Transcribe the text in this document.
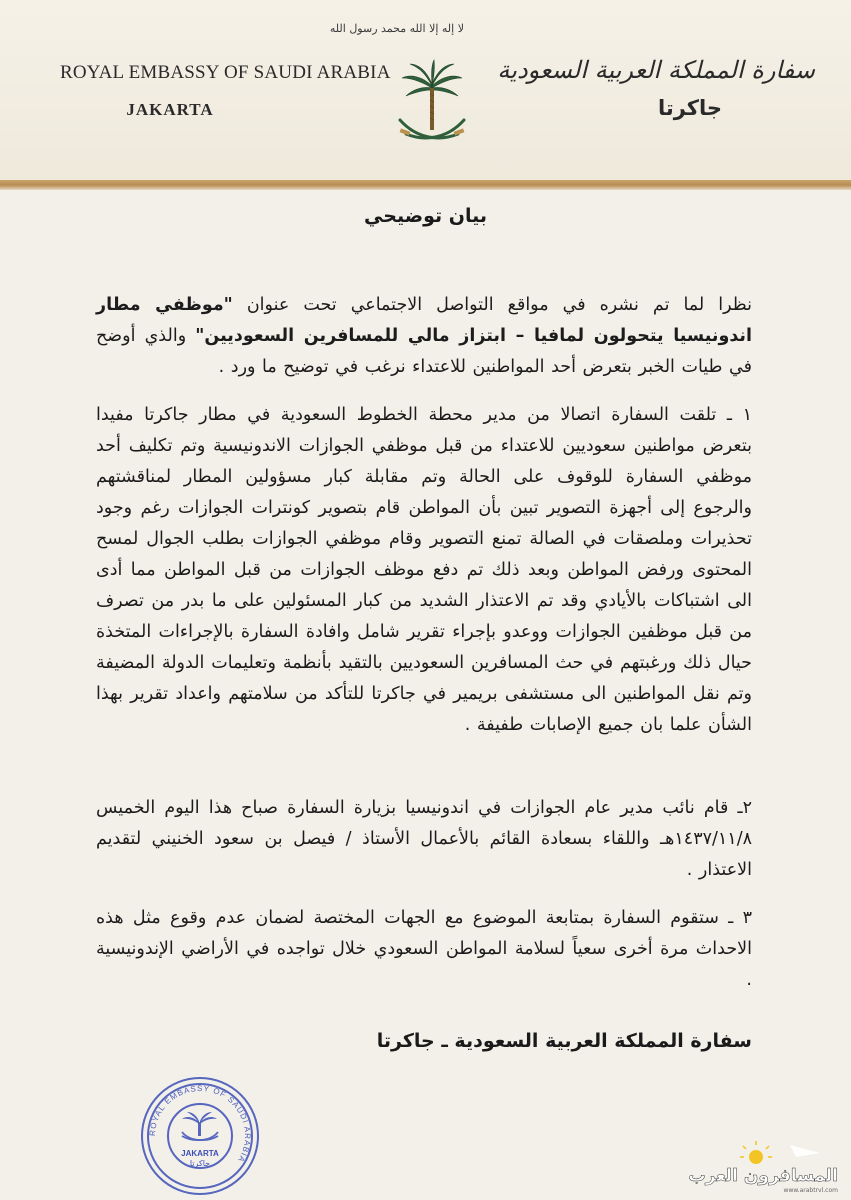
لا إله إلا الله محمد رسول الله
ROYAL EMBASSY OF SAUDI ARABIA
JAKARTA
سفارة المملكة العربية السعودية
جاكرتا
بيان توضيحي
نظرا لما تم نشره في مواقع التواصل الاجتماعي تحت عنوان "موظفي مطار اندونيسيا يتحولون لمافيا – ابتزاز مالي للمسافرين السعوديين" والذي أوضح في طيات الخبر بتعرض أحد المواطنين للاعتداء نرغب في توضيح ما ورد .
١ ـ تلقت السفارة اتصالا من مدير محطة الخطوط السعودية في مطار جاكرتا مفيدا بتعرض مواطنين سعوديين للاعتداء من قبل موظفي الجوازات الاندونيسية وتم تكليف أحد موظفي السفارة للوقوف على الحالة وتم مقابلة كبار مسؤولين المطار لمناقشتهم والرجوع إلى أجهزة التصوير تبين بأن المواطن قام بتصوير كونترات الجوازات رغم وجود تحذيرات وملصقات في الصالة تمنع التصوير وقام موظفي الجوازات بطلب الجوال لمسح المحتوى ورفض المواطن وبعد ذلك تم دفع موظف الجوازات من قبل المواطن مما أدى الى اشتباكات بالأيادي وقد تم الاعتذار الشديد من كبار المسئولين على ما بدر من تصرف من قبل موظفين الجوازات ووعدو بإجراء تقرير شامل وافادة السفارة بالإجراءات المتخذة حيال ذلك ورغبتهم في حث المسافرين السعوديين بالتقيد بأنظمة وتعليمات الدولة المضيفة وتم نقل المواطنين الى مستشفى بريمير في جاكرتا للتأكد من سلامتهم واعداد تقرير بهذا الشأن علما بان جميع الإصابات طفيفة .
٢ـ قام نائب مدير عام الجوازات في اندونيسيا بزيارة السفارة صباح هذا اليوم الخميس ١٤٣٧/١١/٨هـ واللقاء بسعادة القائم بالأعمال الأستاذ / فيصل بن سعود الخنيني لتقديم الاعتذار .
٣ ـ ستقوم السفارة بمتابعة الموضوع مع الجهات المختصة لضمان عدم وقوع مثل هذه الاحداث مرة أخرى سعياً لسلامة المواطن السعودي خلال تواجده في الأراضي الإندونيسية .
سفارة المملكة العربية السعودية ـ جاكرتا
ROYAL EMBASSY OF SAUDI ARABIA
JAKARTA
جاكرتا
المسافرون العرب
www.arabtrvl.com
